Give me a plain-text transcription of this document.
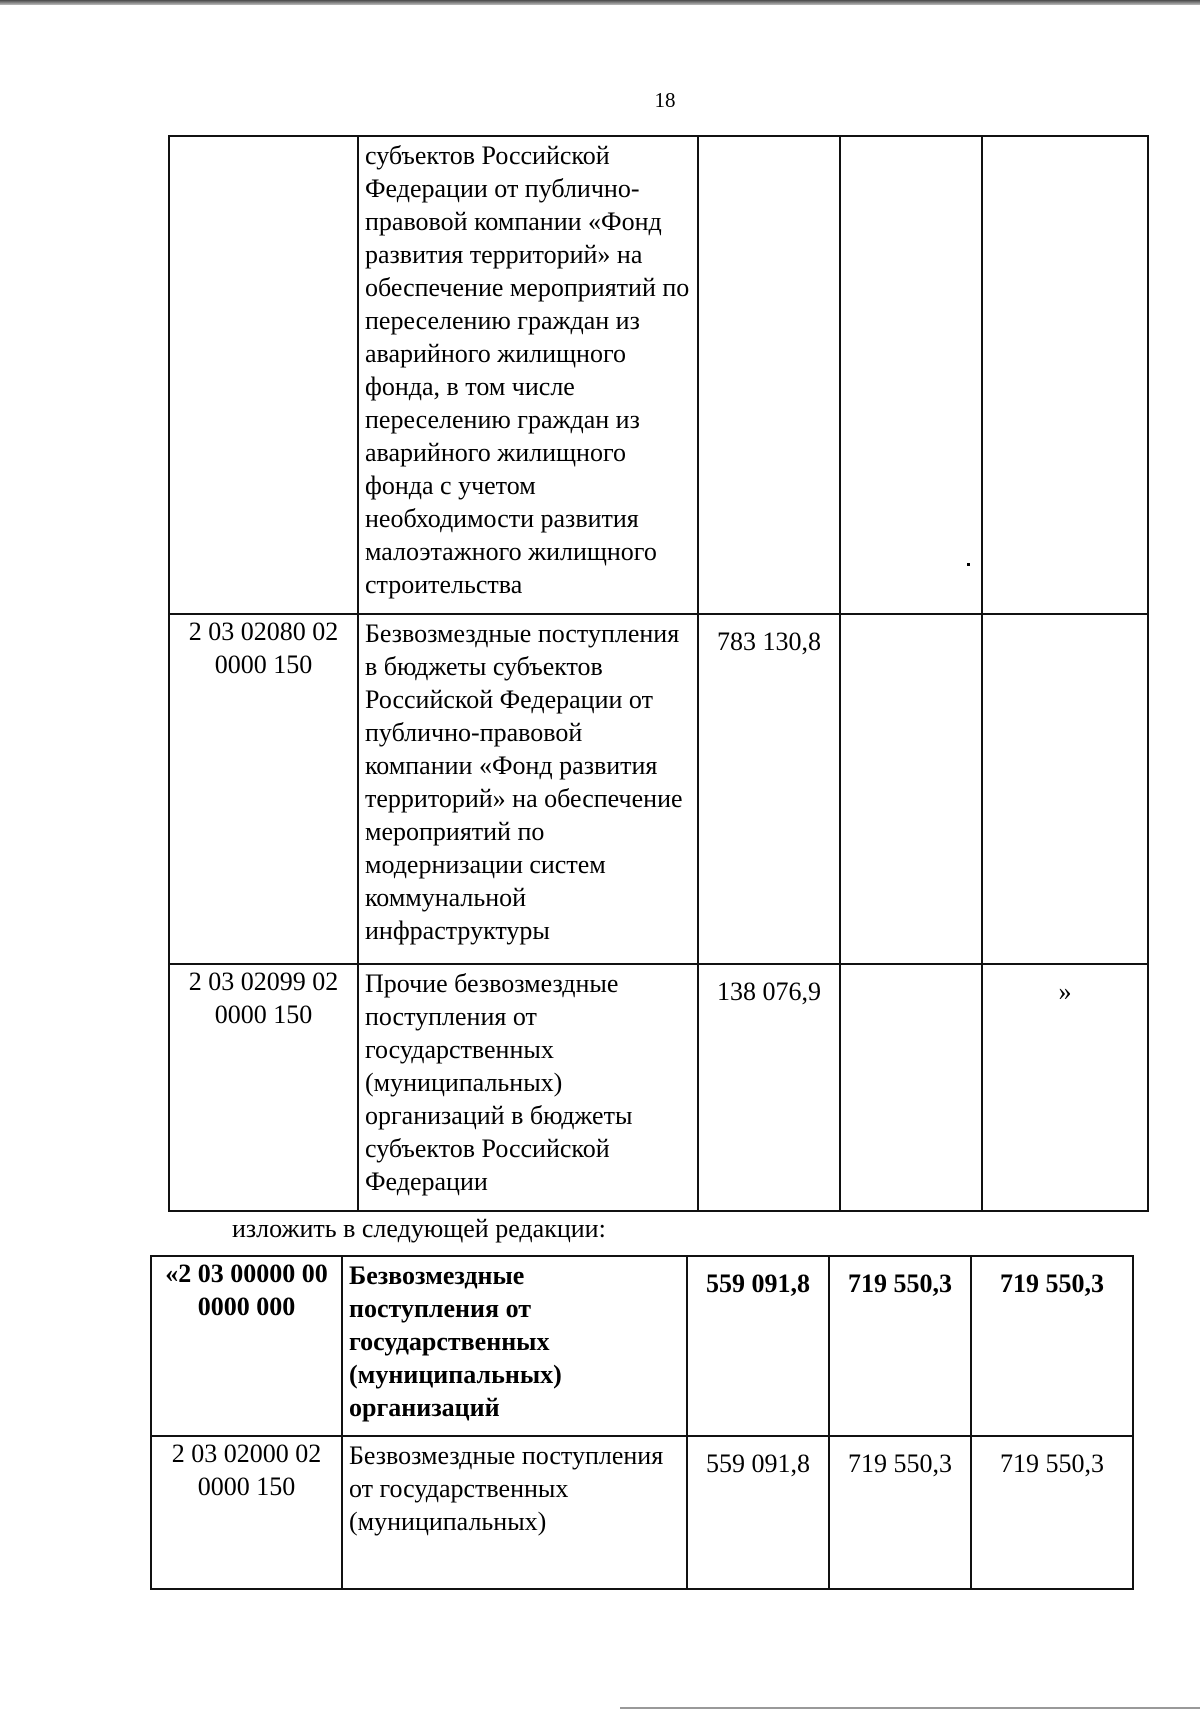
18
	субъектов Российской Федерации от публично-правовой компании «Фонд развития территорий» на обеспечение мероприятий по переселению граждан из аварийного жилищного фонда, в том числе переселению граждан из аварийного жилищного фонда с учетом необходимости развития малоэтажного жилищного строительства			
2 03 02080 02 0000 150	Безвозмездные поступления в бюджеты субъектов Российской Федерации от публично-правовой компании «Фонд развития территорий» на обеспечение мероприятий по модернизации систем коммунальной инфраструктуры	783 130,8		
2 03 02099 02 0000 150	Прочие безвозмездные поступления от государственных (муниципальных) организаций в бюджеты субъектов Российской Федерации	138 076,9		»
изложить в следующей редакции:
«2 03 00000 00 0000 000	Безвозмездные поступления от государственных (муниципальных) организаций	559 091,8	719 550,3	719 550,3
2 03 02000 02 0000 150	Безвозмездные поступления от государственных (муниципальных)	559 091,8	719 550,3	719 550,3
